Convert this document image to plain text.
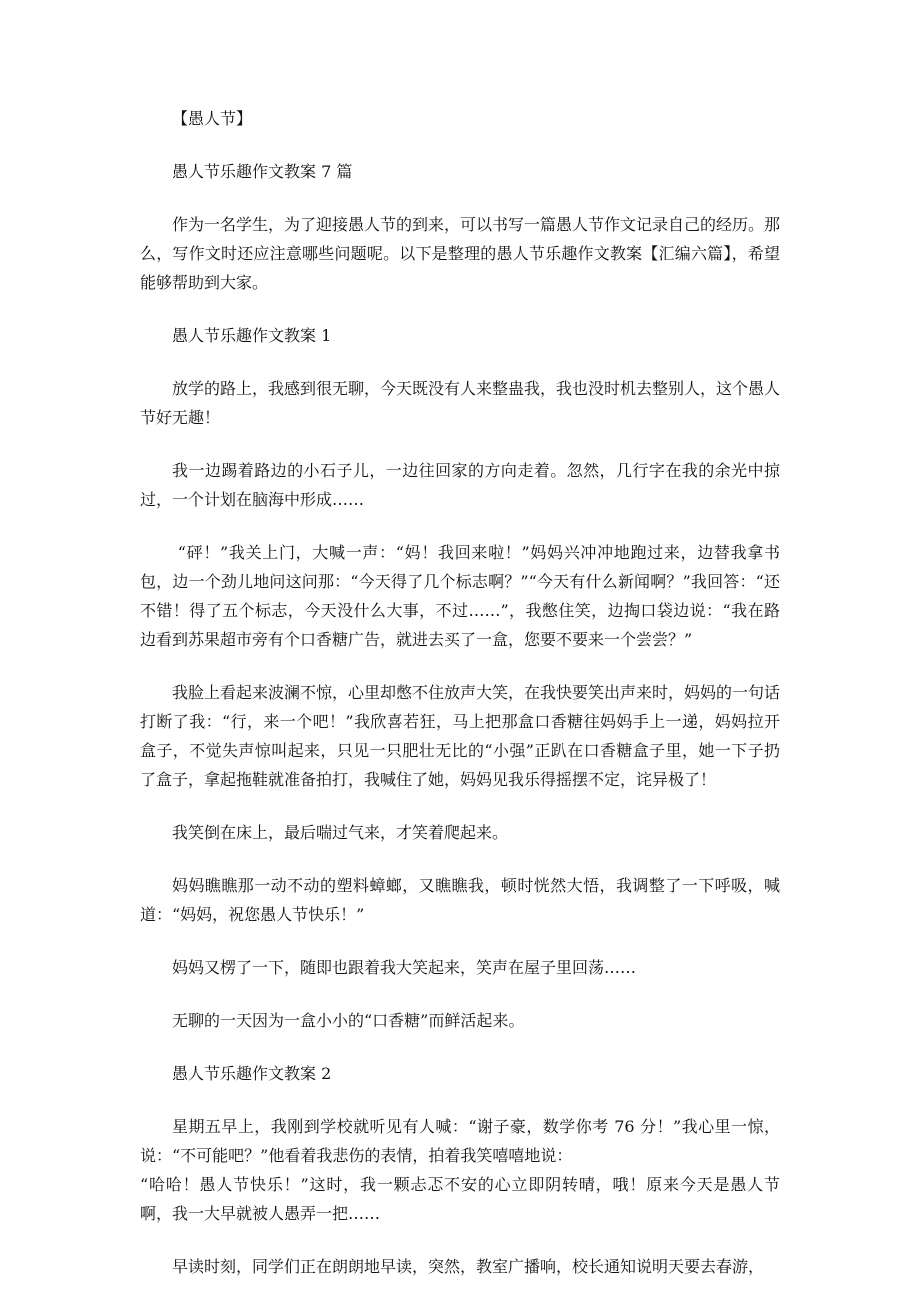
【愚人节】

愚人节乐趣作文教案 7 篇

作为一名学生，为了迎接愚人节的到来，可以书写一篇愚人节作文记录自己的经历。那么，写作文时还应注意哪些问题呢。以下是整理的愚人节乐趣作文教案【汇编六篇】，希望能够帮助到大家。

愚人节乐趣作文教案 1

放学的路上，我感到很无聊，今天既没有人来整蛊我，我也没时机去整别人，这个愚人节好无趣！

我一边踢着路边的小石子儿，一边往回家的方向走着。忽然，几行字在我的余光中掠过，一个计划在脑海中形成……

“砰！”我关上门，大喊一声：“妈！我回来啦！”妈妈兴冲冲地跑过来，边替我拿书包，边一个劲儿地问这问那：“今天得了几个标志啊？”“今天有什么新闻啊？”我回答：“还不错！得了五个标志，今天没什么大事，不过……”，我憋住笑，边掏口袋边说：“我在路边看到苏果超市旁有个口香糖广告，就进去买了一盒，您要不要来一个尝尝？”

我脸上看起来波澜不惊，心里却憋不住放声大笑，在我快要笑出声来时，妈妈的一句话打断了我：“行，来一个吧！”我欣喜若狂，马上把那盒口香糖往妈妈手上一递，妈妈拉开盒子，不觉失声惊叫起来，只见一只肥壮无比的“小强”正趴在口香糖盒子里，她一下子扔了盒子，拿起拖鞋就准备拍打，我喊住了她，妈妈见我乐得摇摆不定，诧异极了！

我笑倒在床上，最后喘过气来，才笑着爬起来。

妈妈瞧瞧那一动不动的塑料蟑螂，又瞧瞧我，顿时恍然大悟，我调整了一下呼吸，喊道：“妈妈，祝您愚人节快乐！”

妈妈又楞了一下，随即也跟着我大笑起来，笑声在屋子里回荡……

无聊的一天因为一盒小小的“口香糖”而鲜活起来。

愚人节乐趣作文教案 2

星期五早上，我刚到学校就听见有人喊：“谢子豪，数学你考 76 分！”我心里一惊，说：“不可能吧？”他看着我悲伤的表情，拍着我笑嘻嘻地说：

“哈哈！愚人节快乐！”这时，我一颗忐忑不安的心立即阴转晴，哦！原来今天是愚人节啊，我一大早就被人愚弄一把……

早读时刻，同学们正在朗朗地早读，突然，教室广播响，校长通知说明天要去春游，
